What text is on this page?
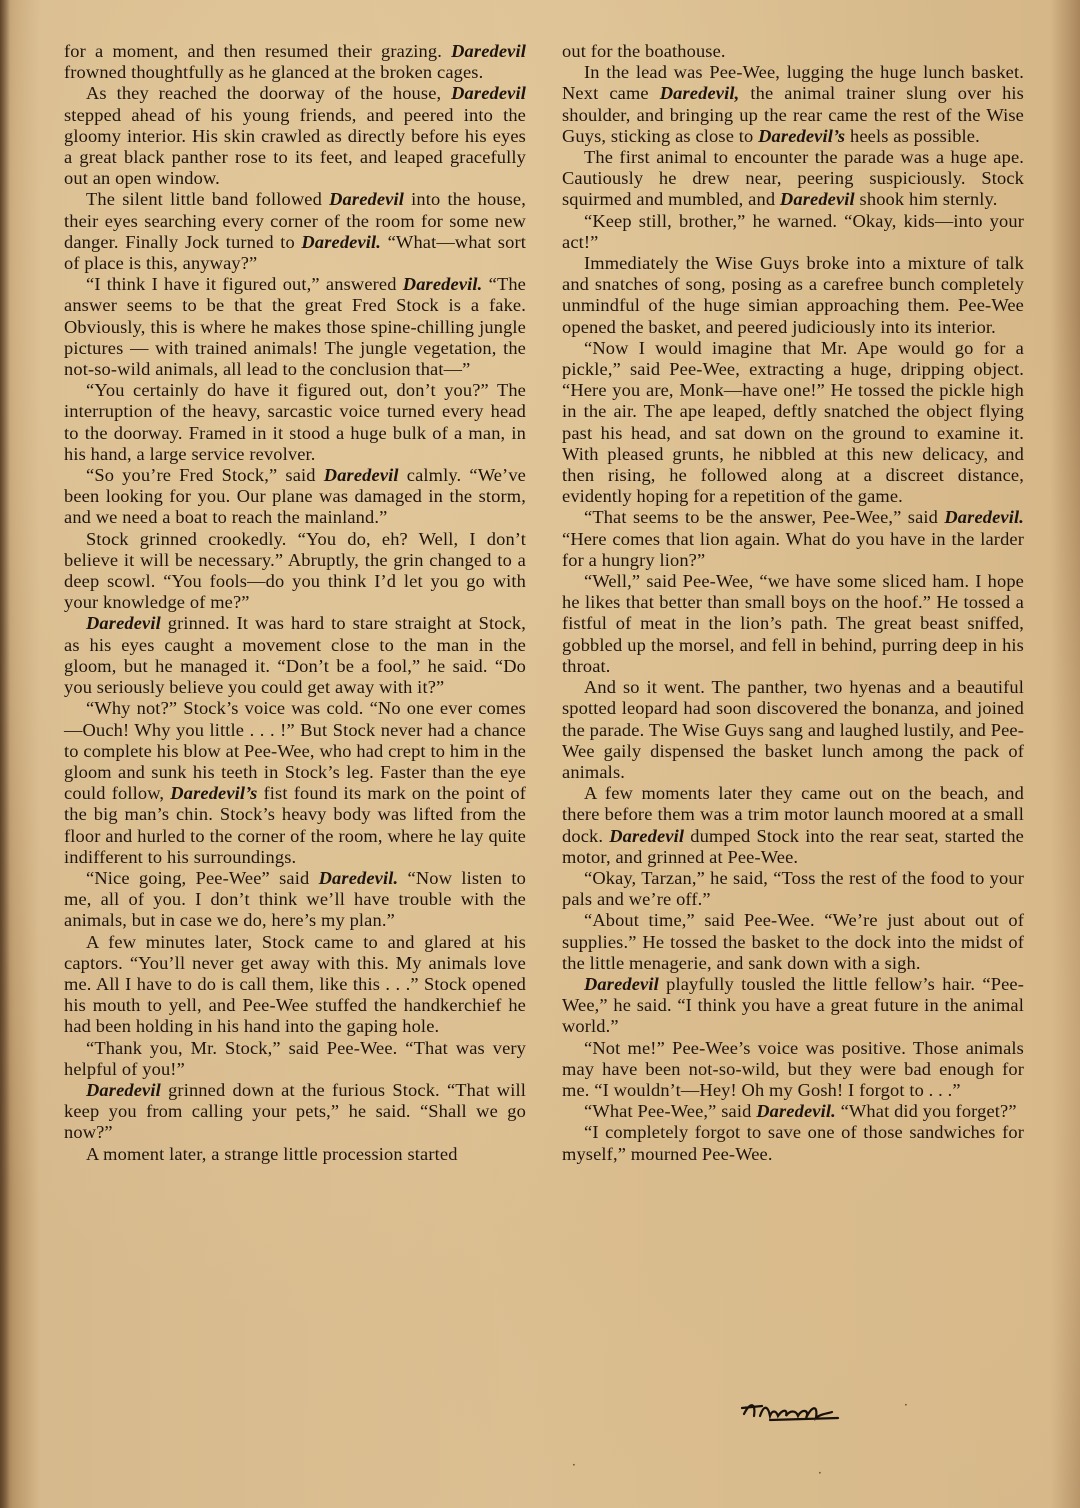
for a moment, and then resumed their grazing. Daredevil frowned thoughtfully as he glanced at the broken cages.

As they reached the doorway of the house, Daredevil stepped ahead of his young friends, and peered into the gloomy interior. His skin crawled as directly before his eyes a great black panther rose to its feet, and leaped gracefully out an open window.

The silent little band followed Daredevil into the house, their eyes searching every corner of the room for some new danger. Finally Jock turned to Daredevil. “What—what sort of place is this, anyway?”

“I think I have it figured out,” answered Daredevil. “The answer seems to be that the great Fred Stock is a fake. Obviously, this is where he makes those spine-chilling jungle pictures — with trained animals! The jungle vegetation, the not-so-wild animals, all lead to the conclusion that—”

“You certainly do have it figured out, don’t you?” The interruption of the heavy, sarcastic voice turned every head to the doorway. Framed in it stood a huge bulk of a man, in his hand, a large service revolver.

“So you’re Fred Stock,” said Daredevil calmly. “We’ve been looking for you. Our plane was damaged in the storm, and we need a boat to reach the mainland.”

Stock grinned crookedly. “You do, eh? Well, I don’t believe it will be necessary.” Abruptly, the grin changed to a deep scowl. “You fools—do you think I’d let you go with your knowledge of me?”

Daredevil grinned. It was hard to stare straight at Stock, as his eyes caught a movement close to the man in the gloom, but he managed it. “Don’t be a fool,” he said. “Do you seriously believe you could get away with it?”

“Why not?” Stock’s voice was cold. “No one ever comes—Ouch! Why you little . . . !” But Stock never had a chance to complete his blow at Pee-Wee, who had crept to him in the gloom and sunk his teeth in Stock’s leg. Faster than the eye could follow, Daredevil’s fist found its mark on the point of the big man’s chin. Stock’s heavy body was lifted from the floor and hurled to the corner of the room, where he lay quite indifferent to his surroundings.

“Nice going, Pee-Wee” said Daredevil. “Now listen to me, all of you. I don’t think we’ll have trouble with the animals, but in case we do, here’s my plan.”

A few minutes later, Stock came to and glared at his captors. “You’ll never get away with this. My animals love me. All I have to do is call them, like this . . .” Stock opened his mouth to yell, and Pee-Wee stuffed the handkerchief he had been holding in his hand into the gaping hole.

“Thank you, Mr. Stock,” said Pee-Wee. “That was very helpful of you!”

Daredevil grinned down at the furious Stock. “That will keep you from calling your pets,” he said. “Shall we go now?”

A moment later, a strange little procession started

out for the boathouse.

In the lead was Pee-Wee, lugging the huge lunch basket. Next came Daredevil, the animal trainer slung over his shoulder, and bringing up the rear came the rest of the Wise Guys, sticking as close to Daredevil’s heels as possible.

The first animal to encounter the parade was a huge ape. Cautiously he drew near, peering suspiciously. Stock squirmed and mumbled, and Daredevil shook him sternly.

“Keep still, brother,” he warned. “Okay, kids—into your act!”

Immediately the Wise Guys broke into a mixture of talk and snatches of song, posing as a carefree bunch completely unmindful of the huge simian approaching them. Pee-Wee opened the basket, and peered judiciously into its interior.

“Now I would imagine that Mr. Ape would go for a pickle,” said Pee-Wee, extracting a huge, dripping object. “Here you are, Monk—have one!” He tossed the pickle high in the air. The ape leaped, deftly snatched the object flying past his head, and sat down on the ground to examine it. With pleased grunts, he nibbled at this new delicacy, and then rising, he followed along at a discreet distance, evidently hoping for a repetition of the game.

“That seems to be the answer, Pee-Wee,” said Daredevil. “Here comes that lion again. What do you have in the larder for a hungry lion?”

“Well,” said Pee-Wee, “we have some sliced ham. I hope he likes that better than small boys on the hoof.” He tossed a fistful of meat in the lion’s path. The great beast sniffed, gobbled up the morsel, and fell in behind, purring deep in his throat.

And so it went. The panther, two hyenas and a beautiful spotted leopard had soon discovered the bonanza, and joined the parade. The Wise Guys sang and laughed lustily, and Pee-Wee gaily dispensed the basket lunch among the pack of animals.

A few moments later they came out on the beach, and there before them was a trim motor launch moored at a small dock. Daredevil dumped Stock into the rear seat, started the motor, and grinned at Pee-Wee.

“Okay, Tarzan,” he said, “Toss the rest of the food to your pals and we’re off.”

“About time,” said Pee-Wee. “We’re just about out of supplies.” He tossed the basket to the dock into the midst of the little menagerie, and sank down with a sigh.

Daredevil playfully tousled the little fellow’s hair. “Pee-Wee,” he said. “I think you have a great future in the animal world.”

“Not me!” Pee-Wee’s voice was positive. Those animals may have been not-so-wild, but they were bad enough for me. “I wouldn’t—Hey! Oh my Gosh! I forgot to . . .”

“What Pee-Wee,” said Daredevil. “What did you forget?”

“I completely forgot to save one of those sandwiches for myself,” mourned Pee-Wee.

·
·
·
